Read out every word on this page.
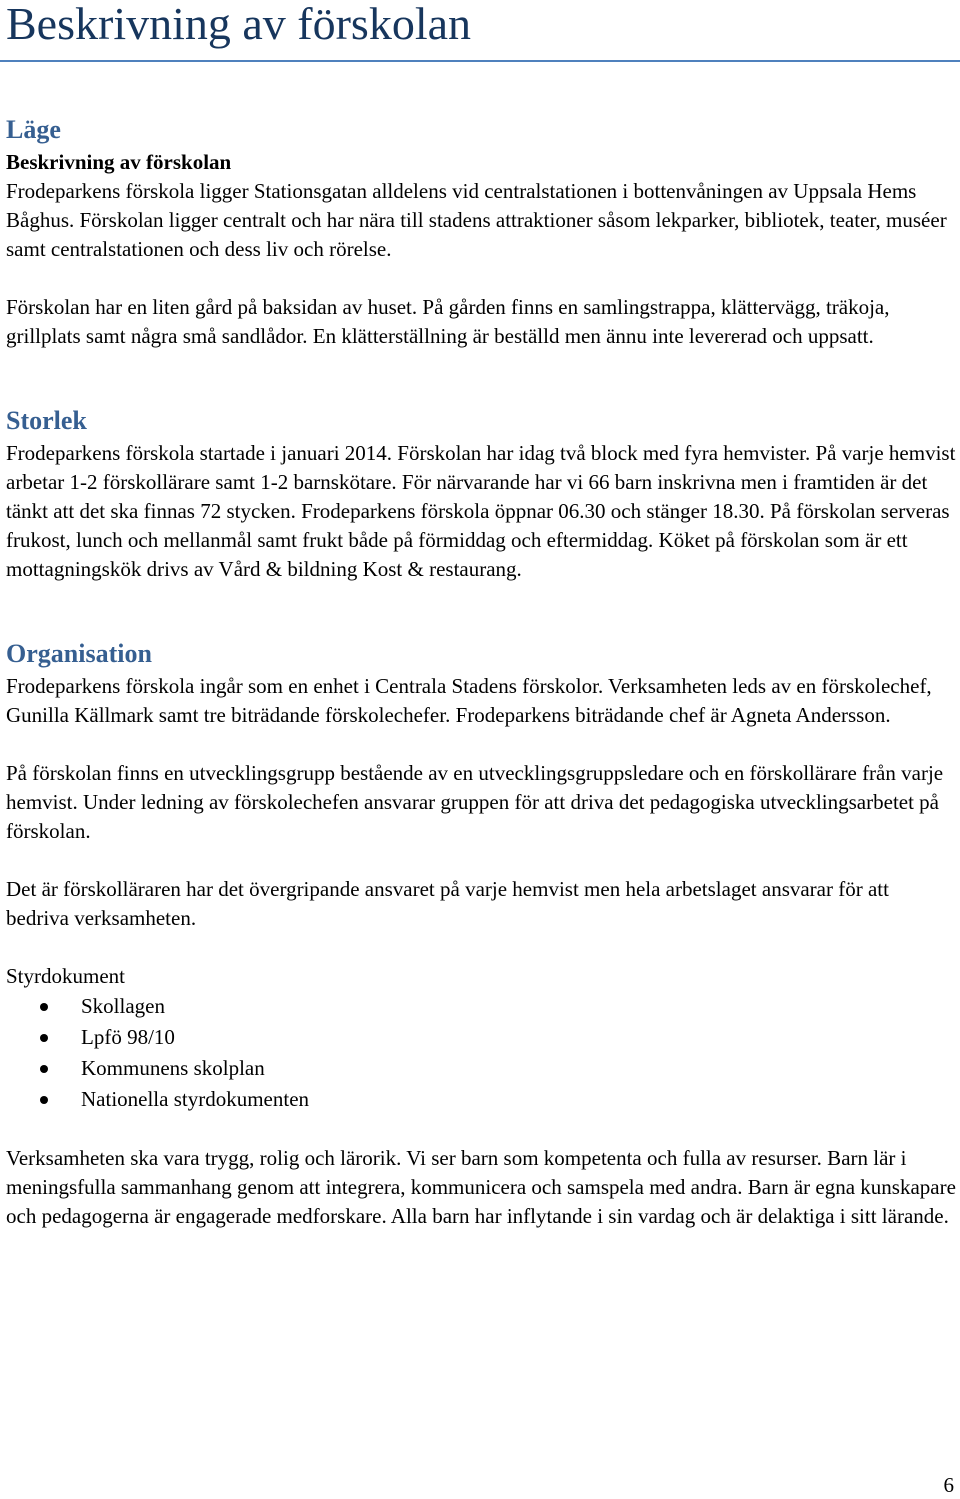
Beskrivning av förskolan
Läge
Beskrivning av förskolan

Frodeparkens förskola ligger Stationsgatan alldelens vid centralstationen i bottenvåningen av Uppsala Hems Båghus. Förskolan ligger centralt och har nära till stadens attraktioner såsom lekparker, bibliotek, teater, muséer samt centralstationen och dess liv och rörelse.

Förskolan har en liten gård på baksidan av huset. På gården finns en samlingstrappa, klättervägg, träkoja, grillplats samt några små sandlådor. En klätterställning är beställd men ännu inte levererad och uppsatt.

Storlek

Frodeparkens förskola startade i januari 2014. Förskolan har idag två block med fyra hemvister. På varje hemvist arbetar 1-2 förskollärare samt 1-2 barnskötare. För närvarande har vi 66 barn inskrivna men i framtiden är det tänkt att det ska finnas 72 stycken. Frodeparkens förskola öppnar 06.30 och stänger 18.30. På förskolan serveras frukost, lunch och mellanmål samt frukt både på förmiddag och eftermiddag. Köket på förskolan som är ett mottagningskök drivs av Vård & bildning Kost & restaurang.

Organisation

Frodeparkens förskola ingår som en enhet i Centrala Stadens förskolor. Verksamheten leds av en förskolechef, Gunilla Källmark samt tre biträdande förskolechefer. Frodeparkens biträdande chef är Agneta Andersson.

På förskolan finns en utvecklingsgrupp bestående av en utvecklingsgruppsledare och en förskollärare från varje hemvist. Under ledning av förskolechefen ansvarar gruppen för att driva det pedagogiska utvecklingsarbetet på förskolan.

Det är förskolläraren har det övergripande ansvaret på varje hemvist men hela arbetslaget ansvarar för att bedriva verksamheten.

Styrdokument

Skollagen
Lpfö 98/10
Kommunens skolplan
Nationella styrdokumenten

Verksamheten ska vara trygg, rolig och lärorik. Vi ser barn som kompetenta och fulla av resurser. Barn lär i meningsfulla sammanhang genom att integrera, kommunicera och samspela med andra. Barn är egna kunskapare och pedagogerna är engagerade medforskare. Alla barn har inflytande i sin vardag och är delaktiga i sitt lärande.

6
